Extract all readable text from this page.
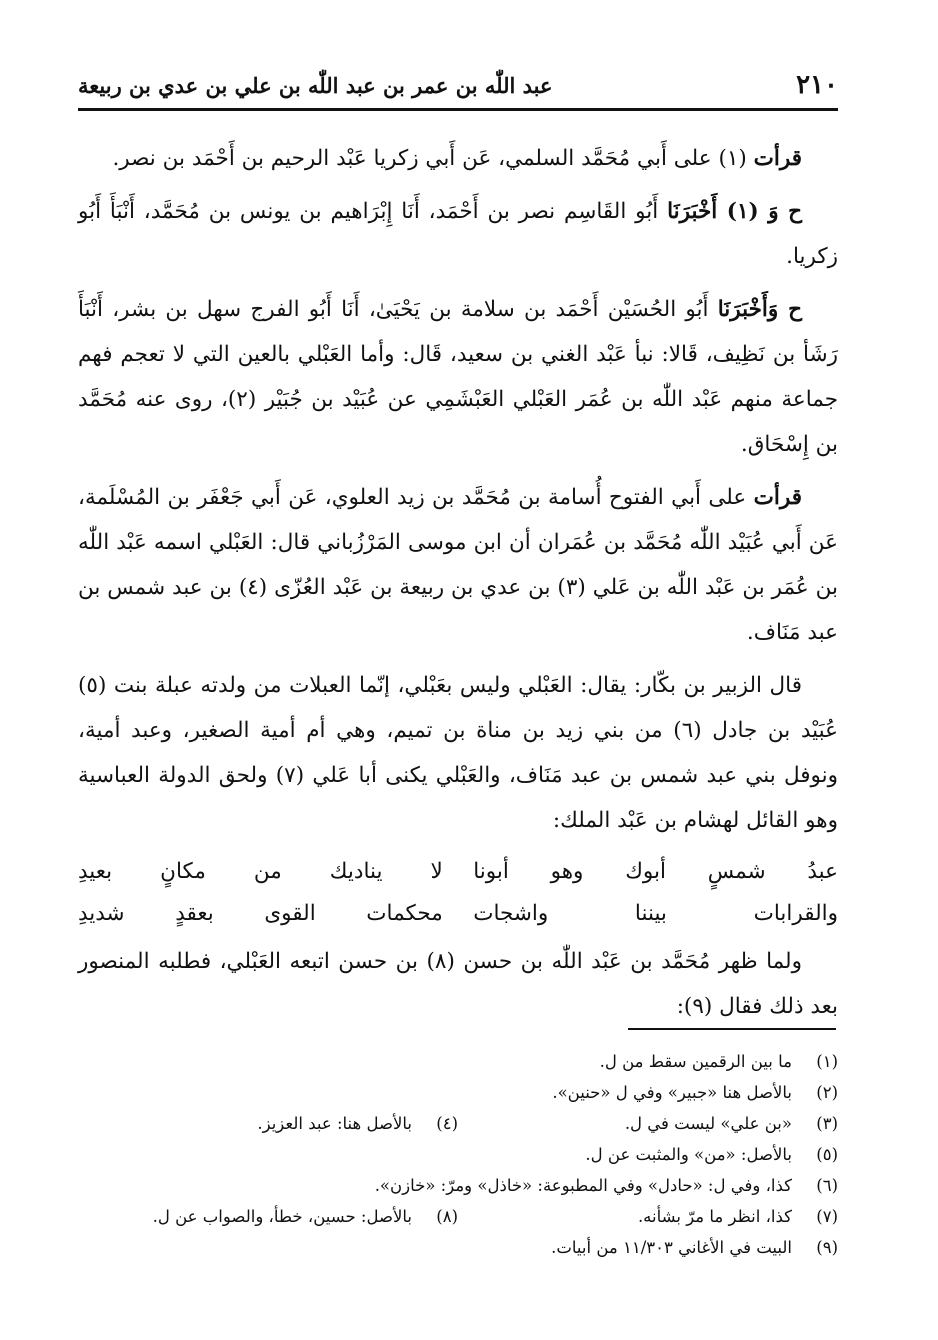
٢١٠
عبد اللّٰه بن عمر بن عبد اللّٰه بن علي بن عدي بن ربيعة

قرأت (١) على أَبي مُحَمَّد السلمي، عَن أَبي زكريا عَبْد الرحيم بن أَحْمَد بن نصر.

ح وَ (١) أَخْبَرَنَا أَبُو القَاسِم نصر بن أَحْمَد، أَنَا إِبْرَاهيم بن يونس بن مُحَمَّد، أَنْبَأَ أَبُو زكريا.

ح وَأَخْبَرَنَا أَبُو الحُسَيْن أَحْمَد بن سلامة بن يَحْيَىٰ، أَنَا أَبُو الفرج سهل بن بشر، أَنْبَأَ رَشَأ بن نَظِيف، قَالا: نبأ عَبْد الغني بن سعيد، قَال: وأما العَبْلي بالعين التي لا تعجم فهم جماعة منهم عَبْد اللّٰه بن عُمَر العَبْلي العَبْشَمِي عن عُبَيْد بن جُبَيْر (٢)، روى عنه مُحَمَّد بن إِسْحَاق.

قرأت على أَبي الفتوح أُسامة بن مُحَمَّد بن زيد العلوي، عَن أَبي جَعْفَر بن المُسْلَمة، عَن أَبي عُبَيْد اللّٰه مُحَمَّد بن عُمَران أن ابن موسى المَرْزُباني قال: العَبْلي اسمه عَبْد اللّٰه بن عُمَر بن عَبْد اللّٰه بن عَلي (٣) بن عدي بن ربيعة بن عَبْد العُزّى (٤) بن عبد شمس بن عبد مَنَاف.

قال الزبير بن بكّار: يقال: العَبْلي وليس بعَبْلي، إنّما العبلات من ولدته عبلة بنت (٥) عُبَيْد بن جادل (٦) من بني زيد بن مناة بن تميم، وهي أم أمية الصغير، وعبد أمية، ونوفل بني عبد شمس بن عبد مَنَاف، والعَبْلي يكنى أبا عَلي (٧) ولحق الدولة العباسية وهو القائل لهشام بن عَبْد الملك:

عبدُ شمسٍ أبوك وهو أبونا
لا يناديك من مكانٍ بعيدِ
والقرابات بيننا واشجات
محكمات القوى بعقدٍ شديدِ

ولما ظهر مُحَمَّد بن عَبْد اللّٰه بن حسن (٨) بن حسن اتبعه العَبْلي، فطلبه المنصور بعد ذلك فقال (٩):

(١)
ما بين الرقمين سقط من ل.
(٢)
بالأصل هنا «جبير» وفي ل «حنين».
(٣)
«بن علي» ليست في ل.
(٤)
بالأصل هنا: عبد العزيز.
(٥)
بالأصل: «من» والمثبت عن ل.
(٦)
كذا، وفي ل: «حادل» وفي المطبوعة: «خاذل» ومرّ: «خازن».
(٧)
كذا، انظر ما مرّ بشأنه.
(٨)
بالأصل: حسين، خطأ، والصواب عن ل.
(٩)
البيت في الأغاني ١١/٣٠٣ من أبيات.
